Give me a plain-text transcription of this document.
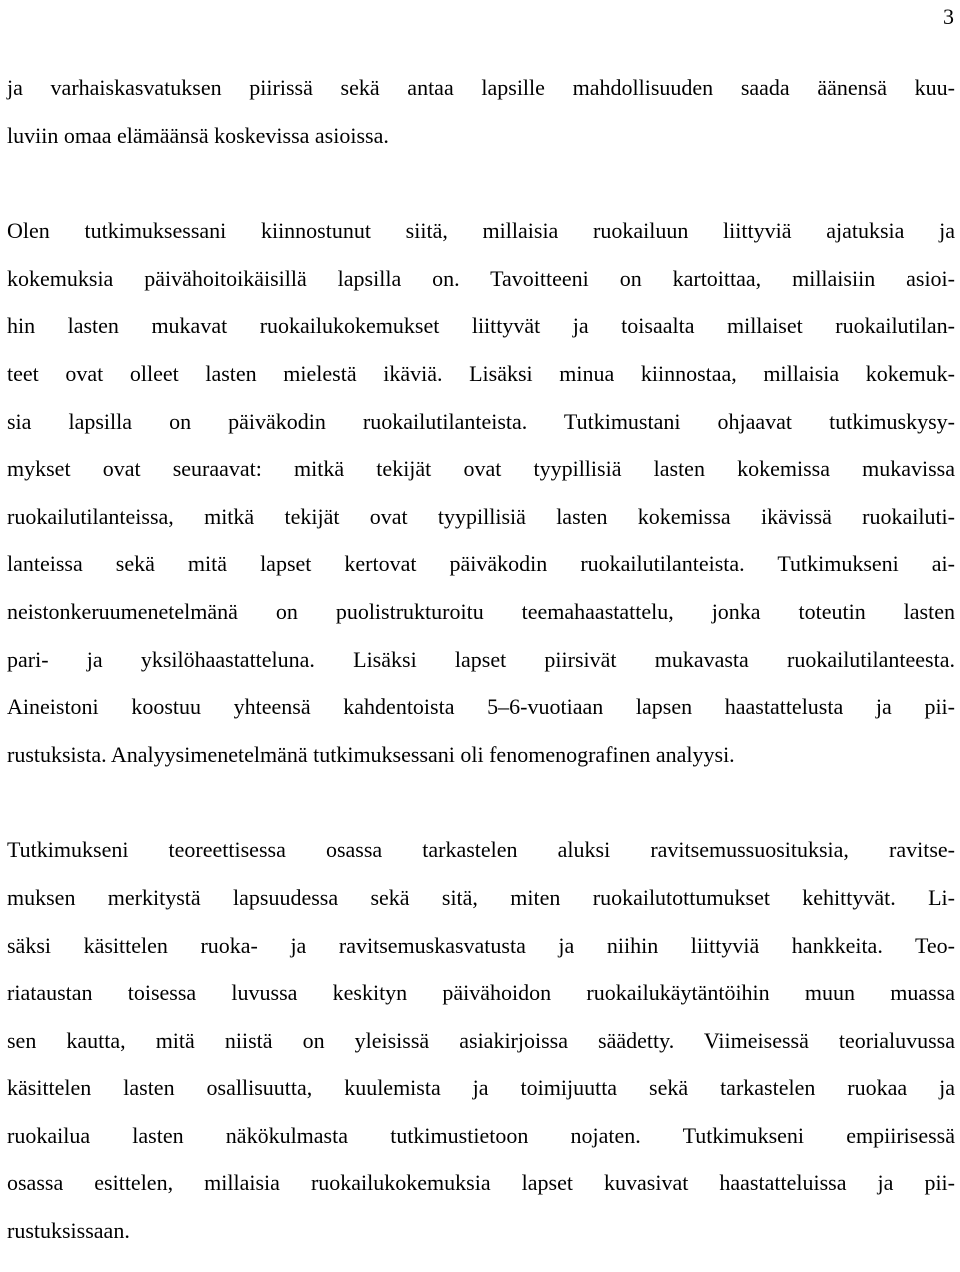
3

ja varhaiskasvatuksen piirissä sekä antaa lapsille mahdollisuuden saada äänensä kuu-
luviin omaa elämäänsä koskevissa asioissa.

Olen tutkimuksessani kiinnostunut siitä, millaisia ruokailuun liittyviä ajatuksia ja
kokemuksia päivähoitoikäisillä lapsilla on. Tavoitteeni on kartoittaa, millaisiin asioi-
hin lasten mukavat ruokailukokemukset liittyvät ja toisaalta millaiset ruokailutilan-
teet ovat olleet lasten mielestä ikäviä. Lisäksi minua kiinnostaa, millaisia kokemuk-
sia lapsilla on päiväkodin ruokailutilanteista. Tutkimustani ohjaavat tutkimuskysy-
mykset ovat seuraavat: mitkä tekijät ovat tyypillisiä lasten kokemissa mukavissa
ruokailutilanteissa, mitkä tekijät ovat tyypillisiä lasten kokemissa ikävissä ruokailuti-
lanteissa sekä mitä lapset kertovat päiväkodin ruokailutilanteista. Tutkimukseni ai-
neistonkeruumenetelmänä on puolistrukturoitu teemahaastattelu, jonka toteutin lasten
pari- ja yksilöhaastatteluna. Lisäksi lapset piirsivät mukavasta ruokailutilanteesta.
Aineistoni koostuu yhteensä kahdentoista 5–6-vuotiaan lapsen haastattelusta ja pii-
rustuksista. Analyysimenetelmänä tutkimuksessani oli fenomenografinen analyysi.

Tutkimukseni teoreettisessa osassa tarkastelen aluksi ravitsemussuosituksia, ravitse-
muksen merkitystä lapsuudessa sekä sitä, miten ruokailutottumukset kehittyvät. Li-
säksi käsittelen ruoka- ja ravitsemuskasvatusta ja niihin liittyviä hankkeita. Teo-
riataustan toisessa luvussa keskityn päivähoidon ruokailukäytäntöihin muun muassa
sen kautta, mitä niistä on yleisissä asiakirjoissa säädetty. Viimeisessä teorialuvussa
käsittelen lasten osallisuutta, kuulemista ja toimijuutta sekä tarkastelen ruokaa ja
ruokailua lasten näkökulmasta tutkimustietoon nojaten. Tutkimukseni empiirisessä
osassa esittelen, millaisia ruokailukokemuksia lapset kuvasivat haastatteluissa ja pii-
rustuksissaan.
